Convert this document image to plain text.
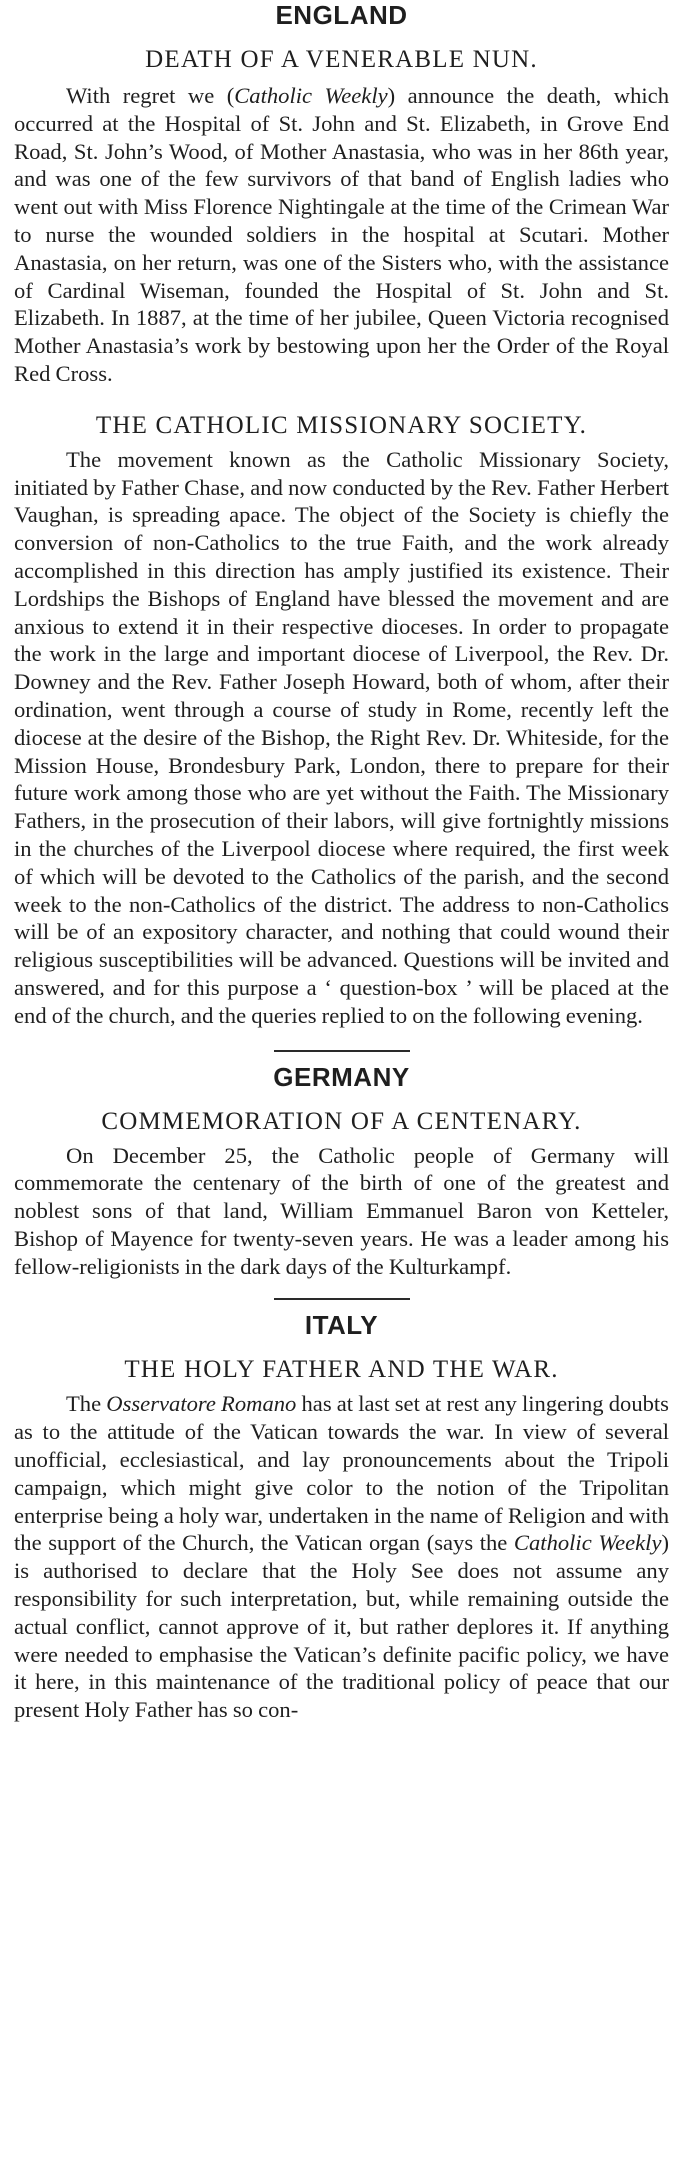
ENGLAND
DEATH OF A VENERABLE NUN.

With regret we (Catholic Weekly) announce the death, which occurred at the Hospital of St. John and St. Elizabeth, in Grove End Road, St. John’s Wood, of Mother Anastasia, who was in her 86th year, and was one of the few survivors of that band of English ladies who went out with Miss Florence Nightingale at the time of the Crimean War to nurse the wounded soldiers in the hospital at Scutari. Mother Anastasia, on her return, was one of the Sisters who, with the assistance of Cardinal Wiseman, founded the Hospital of St. John and St. Elizabeth. In 1887, at the time of her jubilee, Queen Victoria recognised Mother Anastasia’s work by bestowing upon her the Order of the Royal Red Cross.

THE CATHOLIC MISSIONARY SOCIETY.

The movement known as the Catholic Missionary Society, initiated by Father Chase, and now conducted by the Rev. Father Herbert Vaughan, is spreading apace. The object of the Society is chiefly the conversion of non-Catholics to the true Faith, and the work already accomplished in this direction has amply justified its existence. Their Lordships the Bishops of England have blessed the movement and are anxious to extend it in their respective dioceses. In order to propagate the work in the large and important diocese of Liverpool, the Rev. Dr. Downey and the Rev. Father Joseph Howard, both of whom, after their ordination, went through a course of study in Rome, recently left the diocese at the desire of the Bishop, the Right Rev. Dr. Whiteside, for the Mission House, Brondesbury Park, London, there to prepare for their future work among those who are yet without the Faith. The Missionary Fathers, in the prosecution of their labors, will give fortnightly missions in the churches of the Liverpool diocese where required, the first week of which will be devoted to the Catholics of the parish, and the second week to the non-Catholics of the district. The address to non-Catholics will be of an expository character, and nothing that could wound their religious susceptibilities will be advanced. Questions will be invited and answered, and for this purpose a ‘ question-box ’ will be placed at the end of the church, and the queries replied to on the following evening.

GERMANY
COMMEMORATION OF A CENTENARY.

On December 25, the Catholic people of Germany will commemorate the centenary of the birth of one of the greatest and noblest sons of that land, William Emmanuel Baron von Ketteler, Bishop of Mayence for twenty-seven years. He was a leader among his fellow-religionists in the dark days of the Kulturkampf.

ITALY
THE HOLY FATHER AND THE WAR.

The Osservatore Romano has at last set at rest any lingering doubts as to the attitude of the Vatican towards the war. In view of several unofficial, ecclesiastical, and lay pronouncements about the Tripoli campaign, which might give color to the notion of the Tripolitan enterprise being a holy war, undertaken in the name of Religion and with the support of the Church, the Vatican organ (says the Catholic Weekly) is authorised to declare that the Holy See does not assume any responsibility for such interpretation, but, while remaining outside the actual conflict, cannot approve of it, but rather deplores it. If anything were needed to emphasise the Vatican’s definite pacific policy, we have it here, in this maintenance of the traditional policy of peace that our present Holy Father has so con-
